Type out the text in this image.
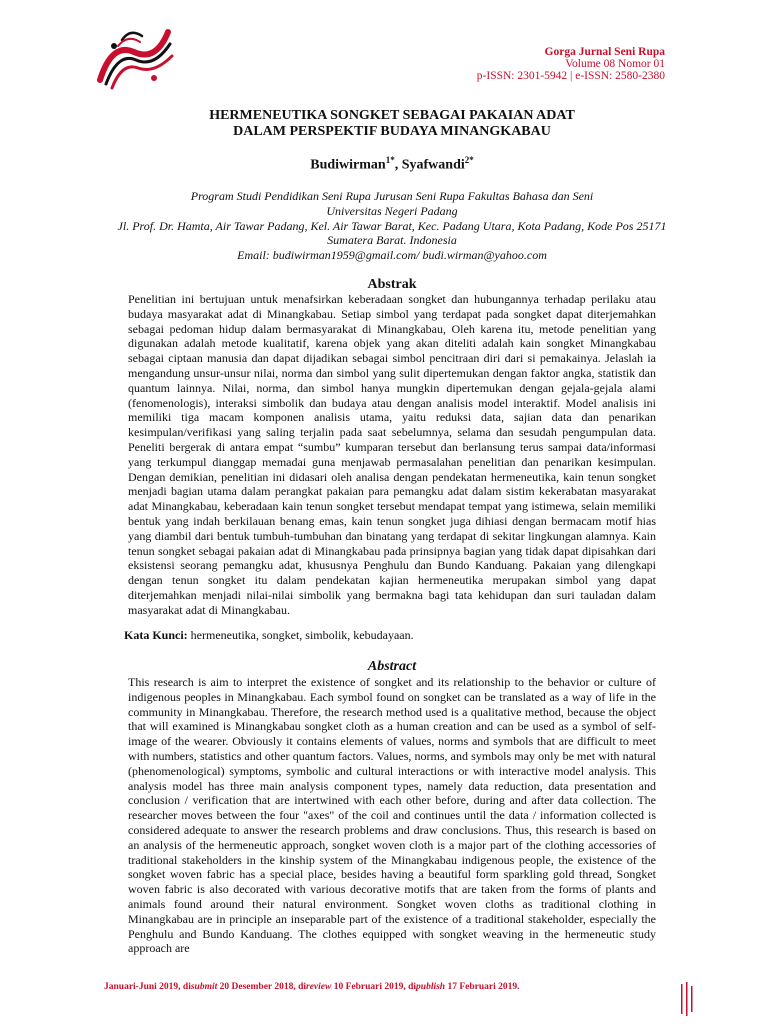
Gorga Jurnal Seni Rupa
Volume 08 Nomor 01
p-ISSN: 2301-5942 | e-ISSN: 2580-2380
HERMENEUTIKA SONGKET SEBAGAI PAKAIAN ADAT
DALAM PERSPEKTIF BUDAYA MINANGKABAU
Budiwirman$^{1*}$, Syafwandi$^{2*}$
Program Studi Pendidikan Seni Rupa Jurusan Seni Rupa Fakultas Bahasa dan Seni
Universitas Negeri Padang
Jl. Prof. Dr. Hamta, Air Tawar Padang, Kel. Air Tawar Barat, Kec. Padang Utara, Kota Padang, Kode Pos 25171
Sumatera Barat. Indonesia
Email: budiwirman1959@gmail.com/ budi.wirman@yahoo.com
Abstrak
Penelitian ini bertujuan untuk menafsirkan keberadaan songket dan hubungannya terhadap perilaku atau budaya masyarakat adat di Minangkabau. Setiap simbol yang terdapat pada songket dapat diterjemahkan sebagai pedoman hidup dalam bermasyarakat di Minangkabau, Oleh karena itu, metode penelitian yang digunakan adalah metode kualitatif, karena objek yang akan diteliti adalah kain songket Minangkabau sebagai ciptaan manusia dan dapat dijadikan sebagai simbol pencitraan diri dari si pemakainya. Jelaslah ia mengandung unsur-unsur nilai, norma dan simbol yang sulit dipertemukan dengan faktor angka, statistik dan quantum lainnya. Nilai, norma, dan simbol hanya mungkin dipertemukan dengan gejala-gejala alami (fenomenologis), interaksi simbolik dan budaya atau dengan analisis model interaktif. Model analisis ini memiliki tiga macam komponen analisis utama, yaitu reduksi data, sajian data dan penarikan kesimpulan/verifikasi yang saling terjalin pada saat sebelumnya, selama dan sesudah pengumpulan data. Peneliti bergerak di antara empat “sumbu” kumparan tersebut dan berlansung terus sampai data/informasi yang terkumpul dianggap memadai guna menjawab permasalahan penelitian dan penarikan kesimpulan. Dengan demikian, penelitian ini didasari oleh analisa dengan pendekatan hermeneutika, kain tenun songket menjadi bagian utama dalam perangkat pakaian para pemangku adat dalam sistim kekerabatan masyarakat adat Minangkabau, keberadaan kain tenun songket tersebut mendapat tempat yang istimewa, selain memiliki bentuk yang indah berkilauan benang emas, kain tenun songket juga dihiasi dengan bermacam motif hias yang diambil dari bentuk tumbuh-tumbuhan dan binatang yang terdapat di sekitar lingkungan alamnya. Kain tenun songket sebagai pakaian adat di Minangkabau pada prinsipnya bagian yang tidak dapat dipisahkan dari eksistensi seorang pemangku adat, khususnya Penghulu dan Bundo Kanduang. Pakaian yang dilengkapi dengan tenun songket itu dalam pendekatan kajian hermeneutika merupakan simbol yang dapat diterjemahkan menjadi nilai-nilai simbolik yang bermakna bagi tata kehidupan dan suri tauladan dalam masyarakat adat di Minangkabau.
Kata Kunci: hermeneutika, songket, simbolik, kebudayaan.
Abstract
This research is aim to interpret the existence of songket and its relationship to the behavior or culture of indigenous peoples in Minangkabau. Each symbol found on songket can be translated as a way of life in the community in Minangkabau. Therefore, the research method used is a qualitative method, because the object that will examined is Minangkabau songket cloth as a human creation and can be used as a symbol of self-image of the wearer. Obviously it contains elements of values, norms and symbols that are difficult to meet with numbers, statistics and other quantum factors. Values, norms, and symbols may only be met with natural (phenomenological) symptoms, symbolic and cultural interactions or with interactive model analysis. This analysis model has three main analysis component types, namely data reduction, data presentation and conclusion / verification that are intertwined with each other before, during and after data collection. The researcher moves between the four "axes" of the coil and continues until the data / information collected is considered adequate to answer the research problems and draw conclusions. Thus, this research is based on an analysis of the hermeneutic approach, songket woven cloth is a major part of the clothing accessories of traditional stakeholders in the kinship system of the Minangkabau indigenous people, the existence of the songket woven fabric has a special place, besides having a beautiful form sparkling gold thread, Songket woven fabric is also decorated with various decorative motifs that are taken from the forms of plants and animals found around their natural environment. Songket woven cloths as traditional clothing in Minangkabau are in principle an inseparable part of the existence of a traditional stakeholder, especially the Penghulu and Bundo Kanduang. The clothes equipped with songket weaving in the hermeneutic study approach are
Januari-Juni 2019, disubmit 20 Desember 2018, direview 10 Februari 2019, dipublish 17 Februari 2019.
